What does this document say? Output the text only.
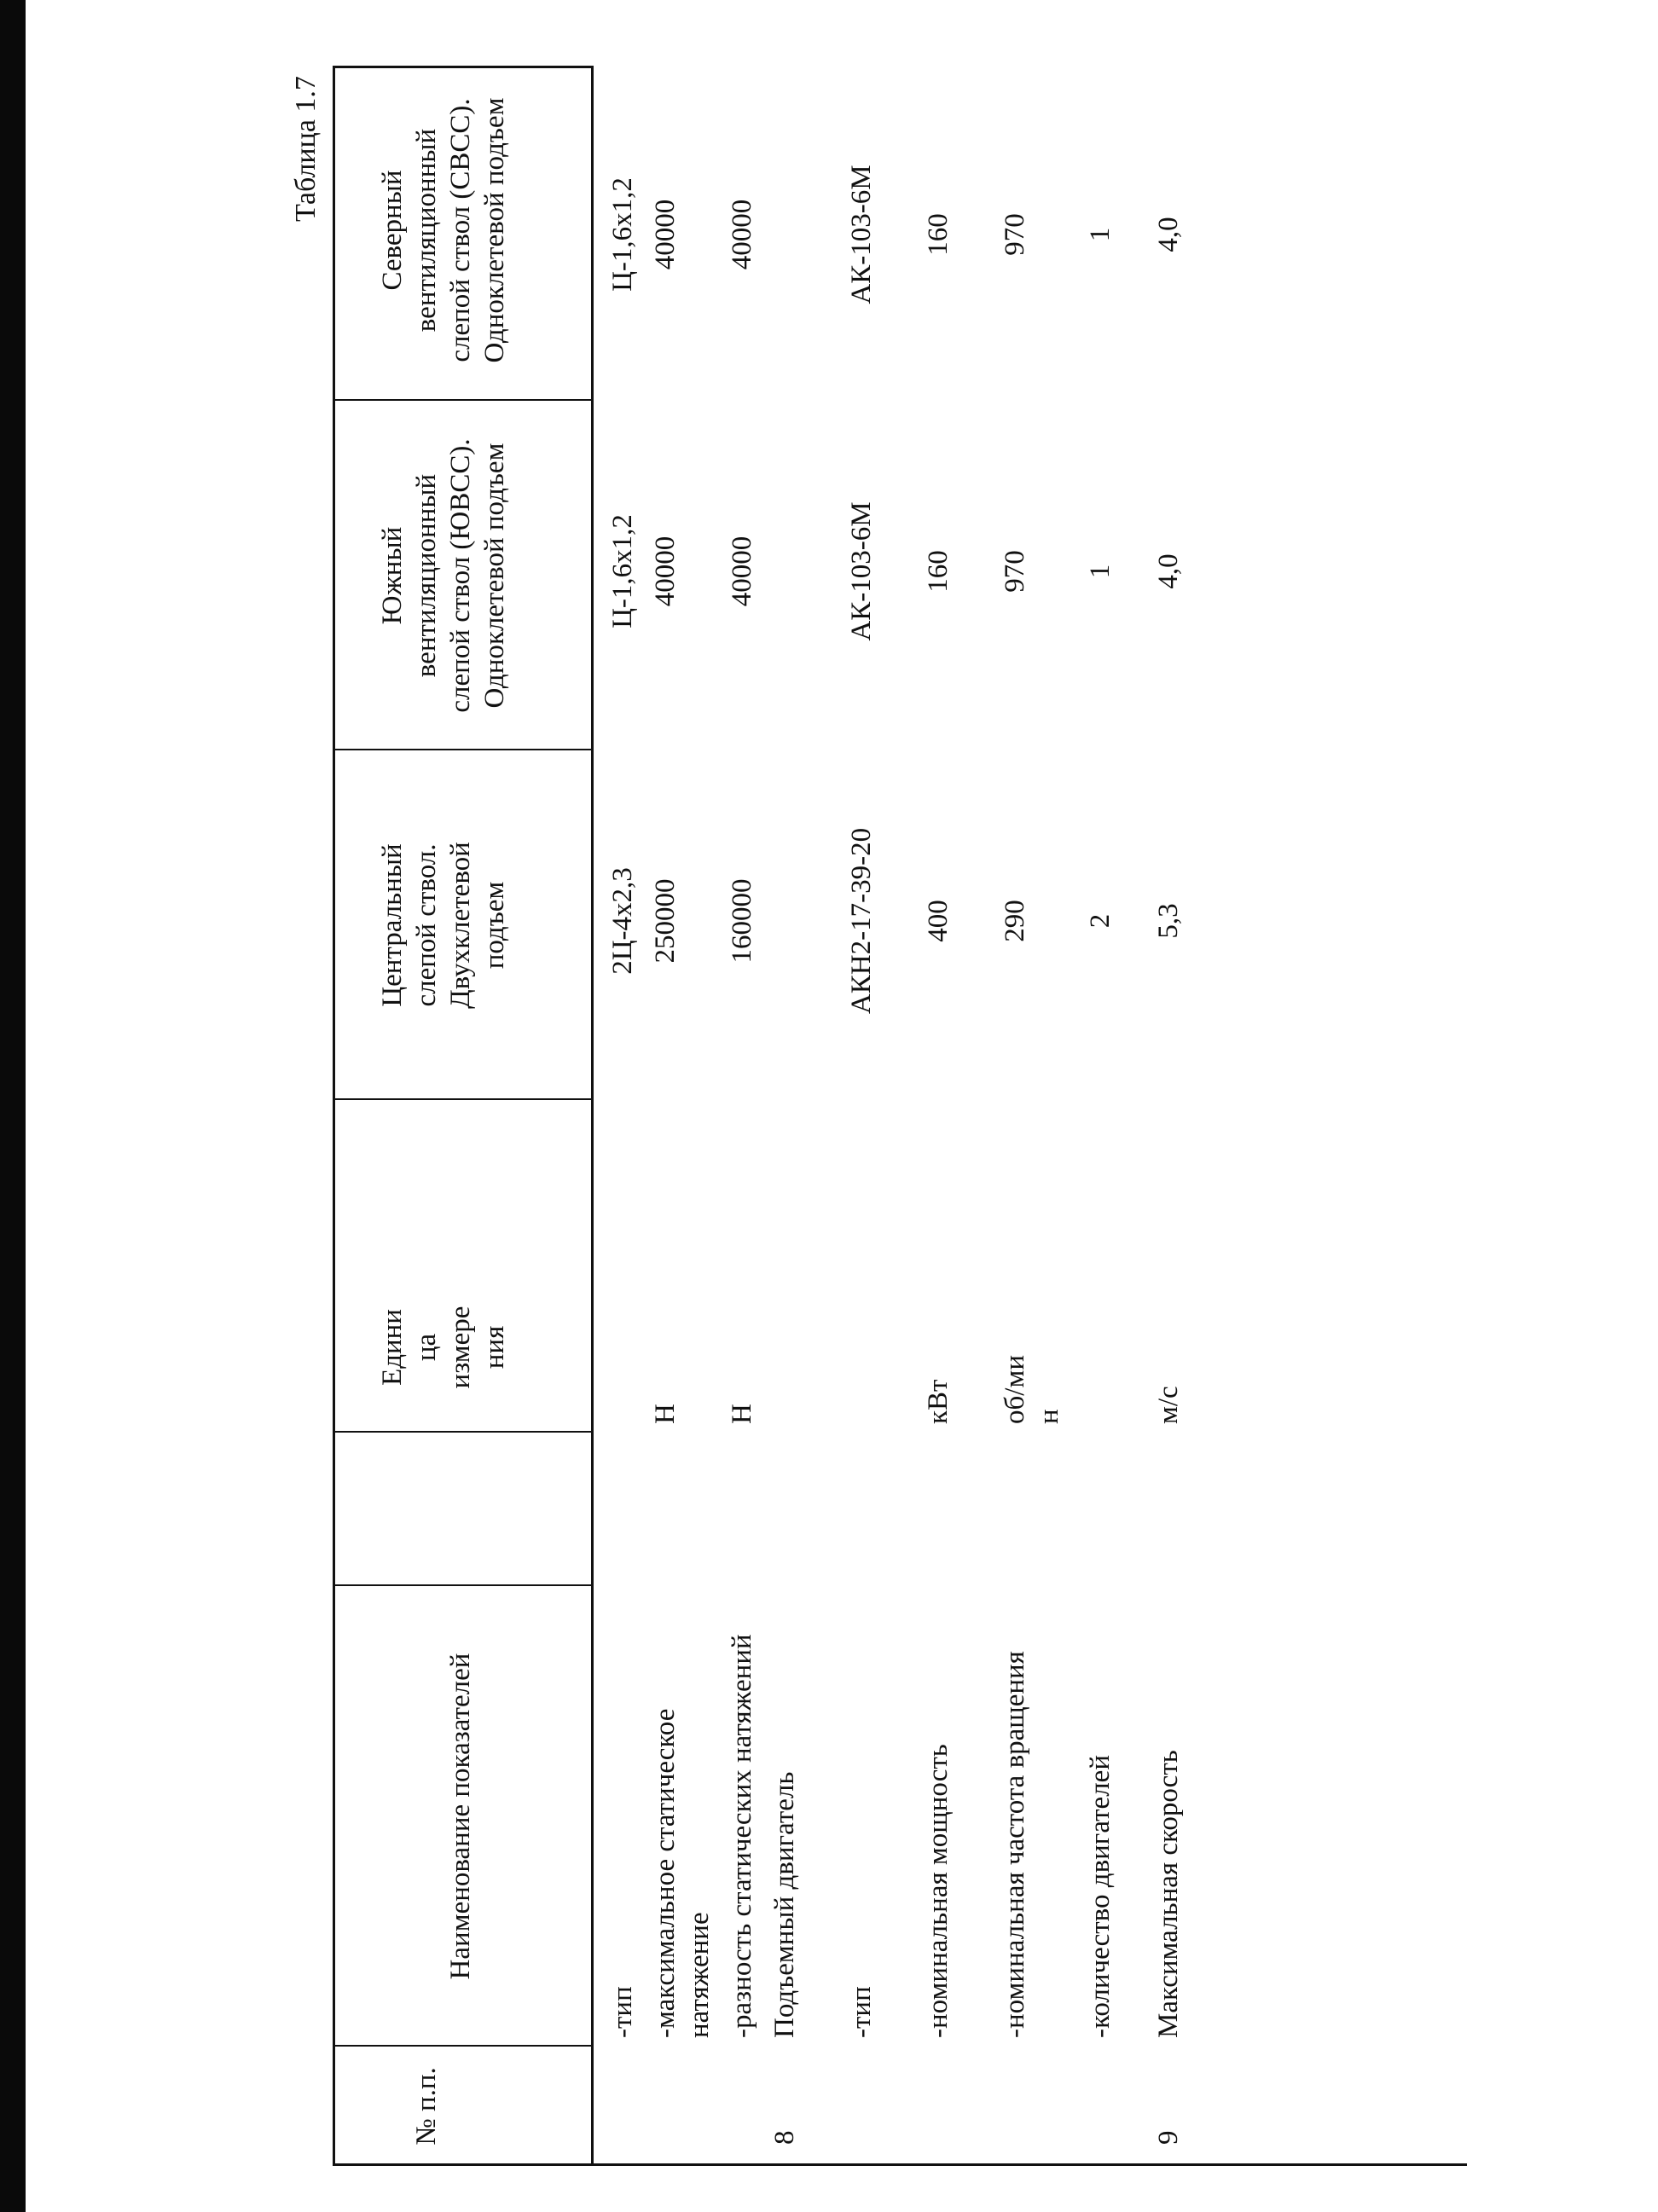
Таблица 1.7
№ п.п.
Наименование показателей
Едини ца измере ния
Центральный слепой ствол. Двухклетевой подъем
Южный вентиляционный слепой ствол (ЮВСС). Одноклетевой подъем
Северный вентиляционный слепой ствол (СВСС). Одноклетевой подъем
-тип
2Ц-4х2,3
Ц-1,6х1,2
Ц-1,6х1,2
-максимальное статическое
Н
250000
40000
40000
натяжение -разность статических натяжений
Н
160000
40000
40000
8
Подъемный двигатель -тип
АКН2-17-39-20
АК-103-6М
АК-103-6М
-номинальная мощность
кВт
400
160
160
-номинальная частота вращения
об/ми
290
970
970
н
-количество двигателей
2
1
1
9
Максимальная скорость
м/с
5,3
4,0
4,0
